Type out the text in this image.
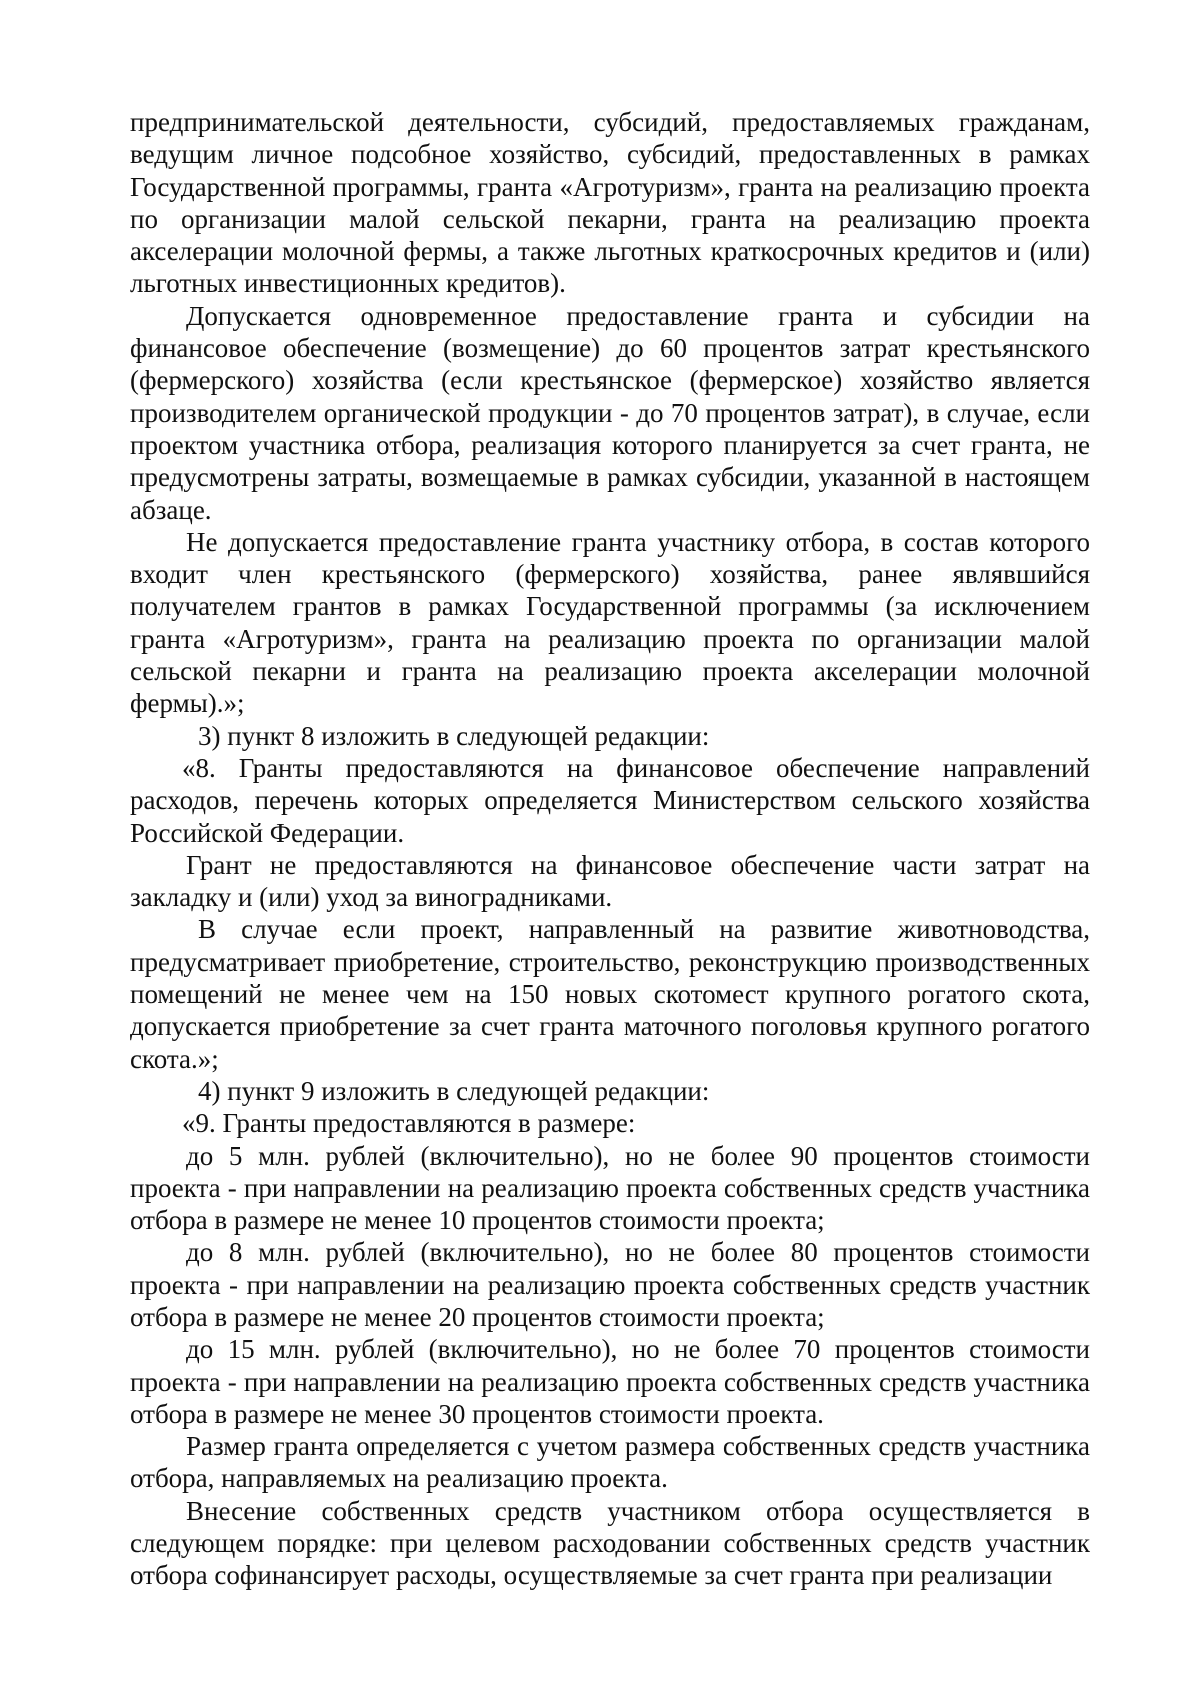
предпринимательской деятельности, субсидий, предоставляемых гражданам, ведущим личное подсобное хозяйство, субсидий, предоставленных в рамках Государственной программы, гранта «Агротуризм», гранта на реализацию проекта по организации малой сельской пекарни, гранта на реализацию проекта акселерации молочной фермы, а также льготных краткосрочных кредитов и (или) льготных инвестиционных кредитов).

Допускается одновременное предоставление гранта и субсидии на финансовое обеспечение (возмещение) до 60 процентов затрат крестьянского (фермерского) хозяйства (если крестьянское (фермерское) хозяйство является производителем органической продукции - до 70 процентов затрат), в случае, если проектом участника отбора, реализация которого планируется за счет гранта, не предусмотрены затраты, возмещаемые в рамках субсидии, указанной в настоящем абзаце.

Не допускается предоставление гранта участнику отбора, в состав которого входит член крестьянского (фермерского) хозяйства, ранее являвшийся получателем грантов в рамках Государственной программы (за исключением гранта «Агротуризм», гранта на реализацию проекта по организации малой сельской пекарни и гранта на реализацию проекта акселерации молочной фермы).»;

3) пункт 8 изложить в следующей редакции:

«8. Гранты предоставляются на финансовое обеспечение направлений расходов, перечень которых определяется Министерством сельского хозяйства Российской Федерации.

Грант не предоставляются на финансовое обеспечение части затрат на закладку и (или) уход за виноградниками.

В случае если проект, направленный на развитие животноводства, предусматривает приобретение, строительство, реконструкцию производственных помещений не менее чем на 150 новых скотомест крупного рогатого скота, допускается приобретение за счет гранта маточного поголовья крупного рогатого скота.»;

4) пункт 9 изложить в следующей редакции:

«9. Гранты предоставляются в размере:

до 5 млн. рублей (включительно), но не более 90 процентов стоимости проекта - при направлении на реализацию проекта собственных средств участника отбора в размере не менее 10 процентов стоимости проекта;

до 8 млн. рублей (включительно), но не более 80 процентов стоимости проекта - при направлении на реализацию проекта собственных средств участник отбора в размере не менее 20 процентов стоимости проекта;

до 15 млн. рублей (включительно), но не более 70 процентов стоимости проекта - при направлении на реализацию проекта собственных средств участника отбора в размере не менее 30 процентов стоимости проекта.

Размер гранта определяется с учетом размера собственных средств участника отбора, направляемых на реализацию проекта.

Внесение собственных средств участником отбора осуществляется в следующем порядке: при целевом расходовании собственных средств участник отбора софинансирует расходы, осуществляемые за счет гранта при реализации
